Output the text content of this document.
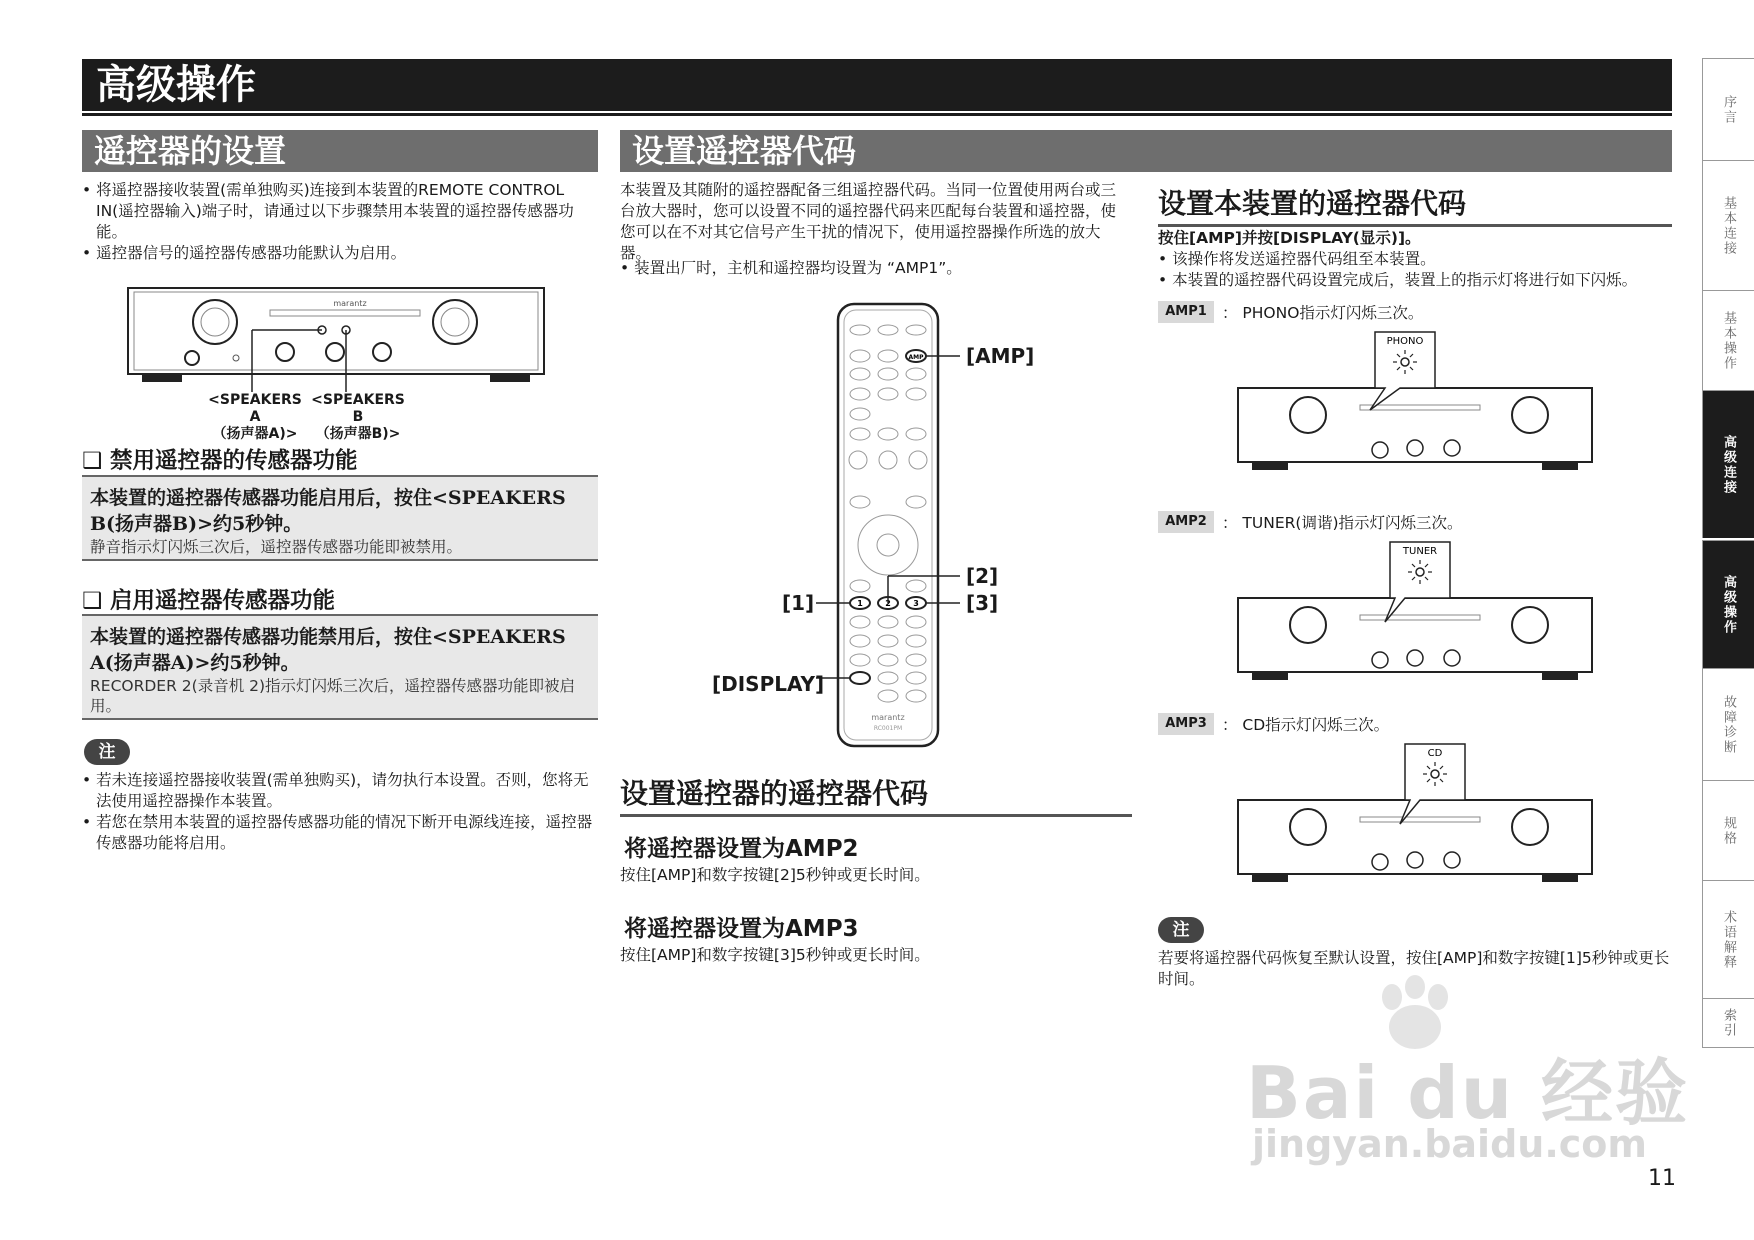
高级操作
遥控器的设置
• 将遥控器接收装置(需单独购买)连接到本装置的REMOTE CONTROL IN(遥控器输入)端子时，请通过以下步骤禁用本装置的遥控器传感器功能。
• 遥控器信号的遥控器传感器功能默认为启用。
marantz
<SPEAKERS A
（扬声器A)>
<SPEAKERS B
（扬声器B)>
❑ 禁用遥控器的传感器功能
本装置的遥控器传感器功能启用后，按住<SPEAKERS B(扬声器B)>约5秒钟。
静音指示灯闪烁三次后，遥控器传感器功能即被禁用。
❑ 启用遥控器传感器功能
本装置的遥控器传感器功能禁用后，按住<SPEAKERS A(扬声器A)>约5秒钟。
RECORDER 2(录音机 2)指示灯闪烁三次后，遥控器传感器功能即被启用。
注
• 若未连接遥控器接收装置(需单独购买)，请勿执行本设置。否则，您将无法使用遥控器操作本装置。
• 若您在禁用本装置的遥控器传感器功能的情况下断开电源线连接，遥控器传感器功能将启用。
设置遥控器代码
本装置及其随附的遥控器配备三组遥控器代码。当同一位置使用两台或三台放大器时，您可以设置不同的遥控器代码来匹配每台装置和遥控器，使您可以在不对其它信号产生干扰的情况下，使用遥控器操作所选的放大器。
• 装置出厂时，主机和遥控器均设置为 “AMP1”。
AMP
1	2	3
marantz
RC001PM
[AMP]
[2]
[1]	[3]
[DISPLAY]
设置遥控器的遥控器代码
将遥控器设置为AMP2
按住[AMP]和数字按键[2]5秒钟或更长时间。
将遥控器设置为AMP3
按住[AMP]和数字按键[3]5秒钟或更长时间。
设置本装置的遥控器代码
按住[AMP]并按[DISPLAY(显示)]。
• 该操作将发送遥控器代码组至本装置。
• 本装置的遥控器代码设置完成后，装置上的指示灯将进行如下闪烁。
AMP1 ： PHONO指示灯闪烁三次。
PHONO
AMP2 ： TUNER(调谐)指示灯闪烁三次。
TUNER
AMP3 ： CD指示灯闪烁三次。
CD
注
若要将遥控器代码恢复至默认设置，按住[AMP]和数字按键[1]5秒钟或更长时间。
序言
基本连接
基本操作
高级连接
高级操作
故障诊断
规格
术语解释
索引
Bai du 经验
jingyan.baidu.com
11
